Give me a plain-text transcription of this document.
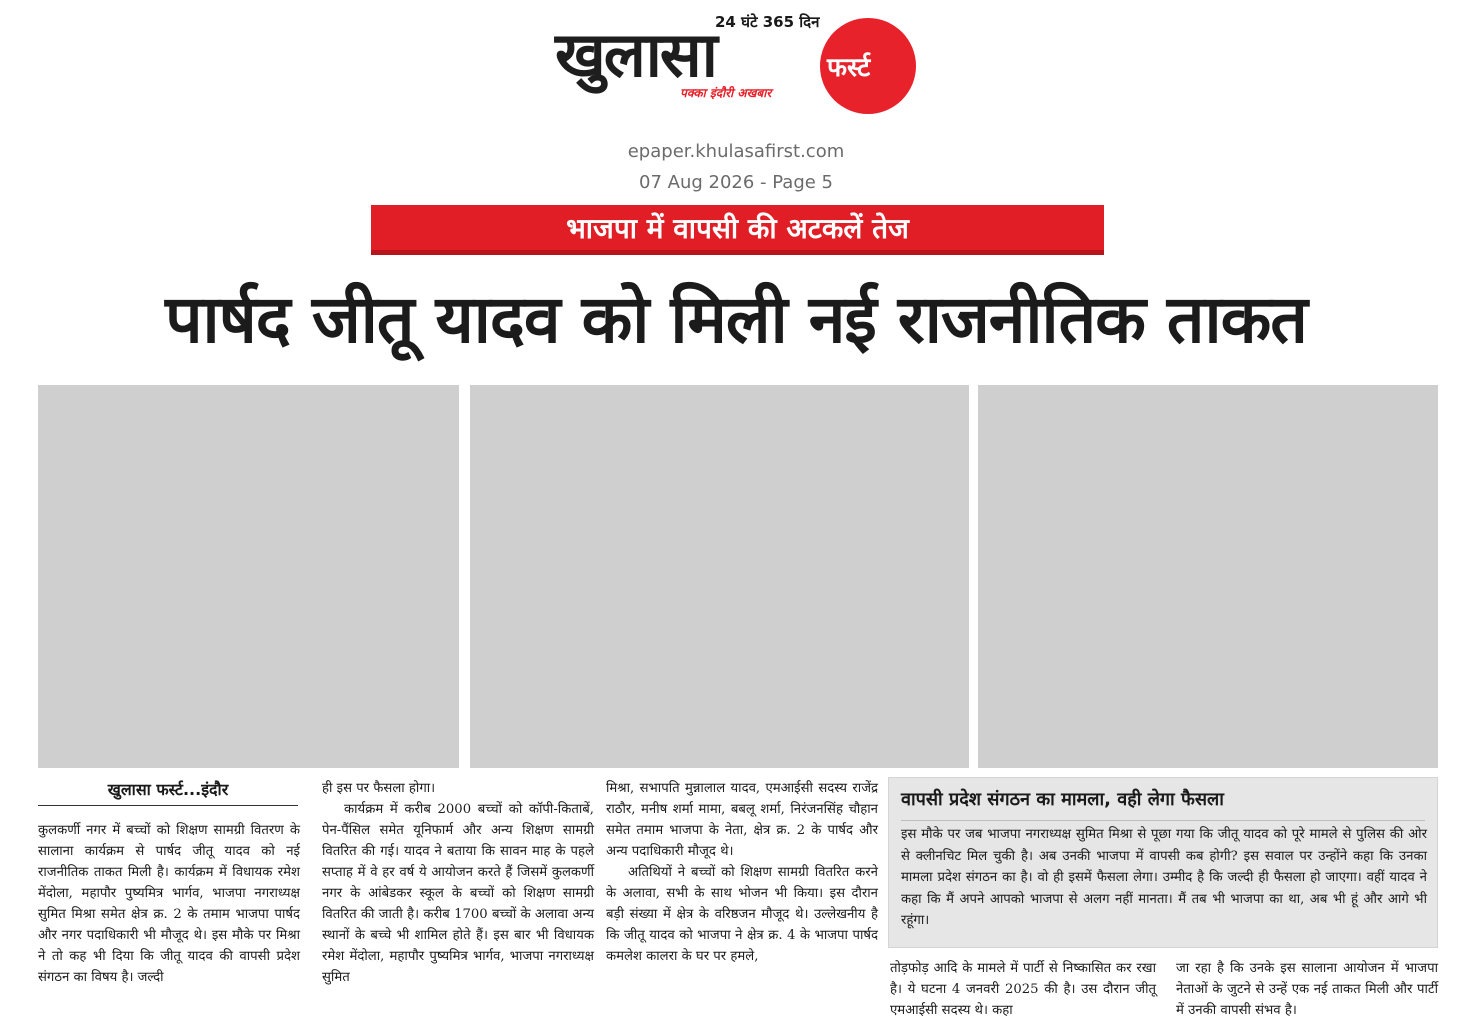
24 घंटे 365 दिन
खुलासा	फर्स्ट
पक्का इंदौरी अखबार
epaper.khulasafirst.com
07 Aug 2026 - Page 5
भाजपा में वापसी की अटकलें तेज
पार्षद जीतू यादव को मिली नई राजनीतिक ताकत
खुलासा फर्स्ट...इंदौर

कुलकर्णी नगर में बच्चों को शिक्षण सामग्री वितरण के सालाना कार्यक्रम से पार्षद जीतू यादव को नई राजनीतिक ताकत मिली है। कार्यक्रम में विधायक रमेश मेंदोला, महापौर पुष्यमित्र भार्गव, भाजपा नगराध्यक्ष सुमित मिश्रा समेत क्षेत्र क्र. 2 के तमाम भाजपा पार्षद और नगर पदाधिकारी भी मौजूद थे। इस मौके पर मिश्रा ने तो कह भी दिया कि जीतू यादव की वापसी प्रदेश संगठन का विषय है। जल्दी

ही इस पर फैसला होगा।

कार्यक्रम में करीब 2000 बच्चों को कॉपी-किताबें, पेन-पैंसिल समेत यूनिफार्म और अन्य शिक्षण सामग्री वितरित की गई। यादव ने बताया कि सावन माह के पहले सप्ताह में वे हर वर्ष ये आयोजन करते हैं जिसमें कुलकर्णी नगर के आंबेडकर स्कूल के बच्चों को शिक्षण सामग्री वितरित की जाती है। करीब 1700 बच्चों के अलावा अन्य स्थानों के बच्चे भी शामिल होते हैं। इस बार भी विधायक रमेश मेंदोला, महापौर पुष्यमित्र भार्गव, भाजपा नगराध्यक्ष सुमित

मिश्रा, सभापति मुन्नालाल यादव, एमआईसी सदस्य राजेंद्र राठौर, मनीष शर्मा मामा, बबलू शर्मा, निरंजनसिंह चौहान समेत तमाम भाजपा के नेता, क्षेत्र क्र. 2 के पार्षद और अन्य पदाधिकारी मौजूद थे।

अतिथियों ने बच्चों को शिक्षण सामग्री वितरित करने के अलावा, सभी के साथ भोजन भी किया। इस दौरान बड़ी संख्या में क्षेत्र के वरिष्ठजन मौजूद थे। उल्लेखनीय है कि जीतू यादव को भाजपा ने क्षेत्र क्र. 4 के भाजपा पार्षद कमलेश कालरा के घर पर हमले,

वापसी प्रदेश संगठन का मामला, वही लेगा फैसला
इस मौके पर जब भाजपा नगराध्यक्ष सुमित मिश्रा से पूछा गया कि जीतू यादव को पूरे मामले से पुलिस की ओर से क्लीनचिट मिल चुकी है। अब उनकी भाजपा में वापसी कब होगी? इस सवाल पर उन्होंने कहा कि उनका मामला प्रदेश संगठन का है। वो ही इसमें फैसला लेगा। उम्मीद है कि जल्दी ही फैसला हो जाएगा। वहीं यादव ने कहा कि मैं अपने आपको भाजपा से अलग नहीं मानता। मैं तब भी भाजपा का था, अब भी हूं और आगे भी रहूंगा।

तोड़फोड़ आदि के मामले में पार्टी से निष्कासित कर रखा है। ये घटना 4 जनवरी 2025 की है। उस दौरान जीतू एमआईसी सदस्य थे। कहा

जा रहा है कि उनके इस सालाना आयोजन में भाजपा नेताओं के जुटने से उन्हें एक नई ताकत मिली और पार्टी में उनकी वापसी संभव है।
